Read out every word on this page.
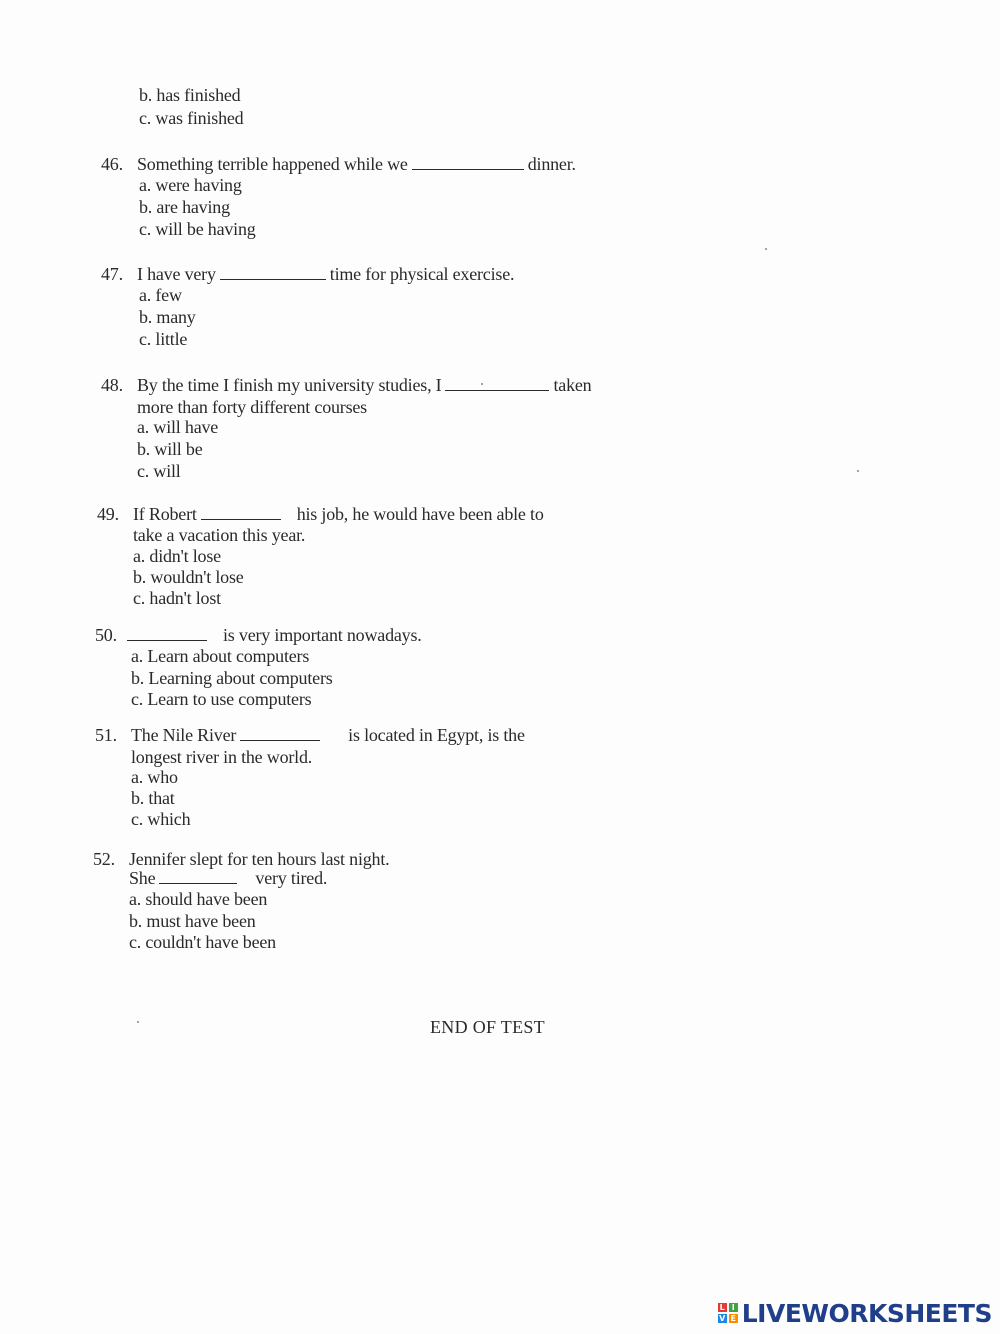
b. has finished
c. was finished
46. Something terrible happened while we	dinner.
a. were having
b. are having
c. will be having
47. I have very	time for physical exercise.
a. few
b. many
c. little
48. By the time I finish my university studies, I	taken
more than forty different courses
a. will have
b. will be
c. will
49. If Robert	his job, he would have been able to
take a vacation this year.
a. didn't lose
b. wouldn't lose
c. hadn't lost
50.	is very important nowadays.
a. Learn about computers
b. Learning about computers
c. Learn to use computers
51. The Nile River	is located in Egypt, is the
longest river in the world.
a. who
b. that
c. which
52. Jennifer slept for ten hours last night.
She	very tired.
a. should have been
b. must have been
c. couldn't have been
END OF TEST
L I
V E LIVEWORKSHEETS
